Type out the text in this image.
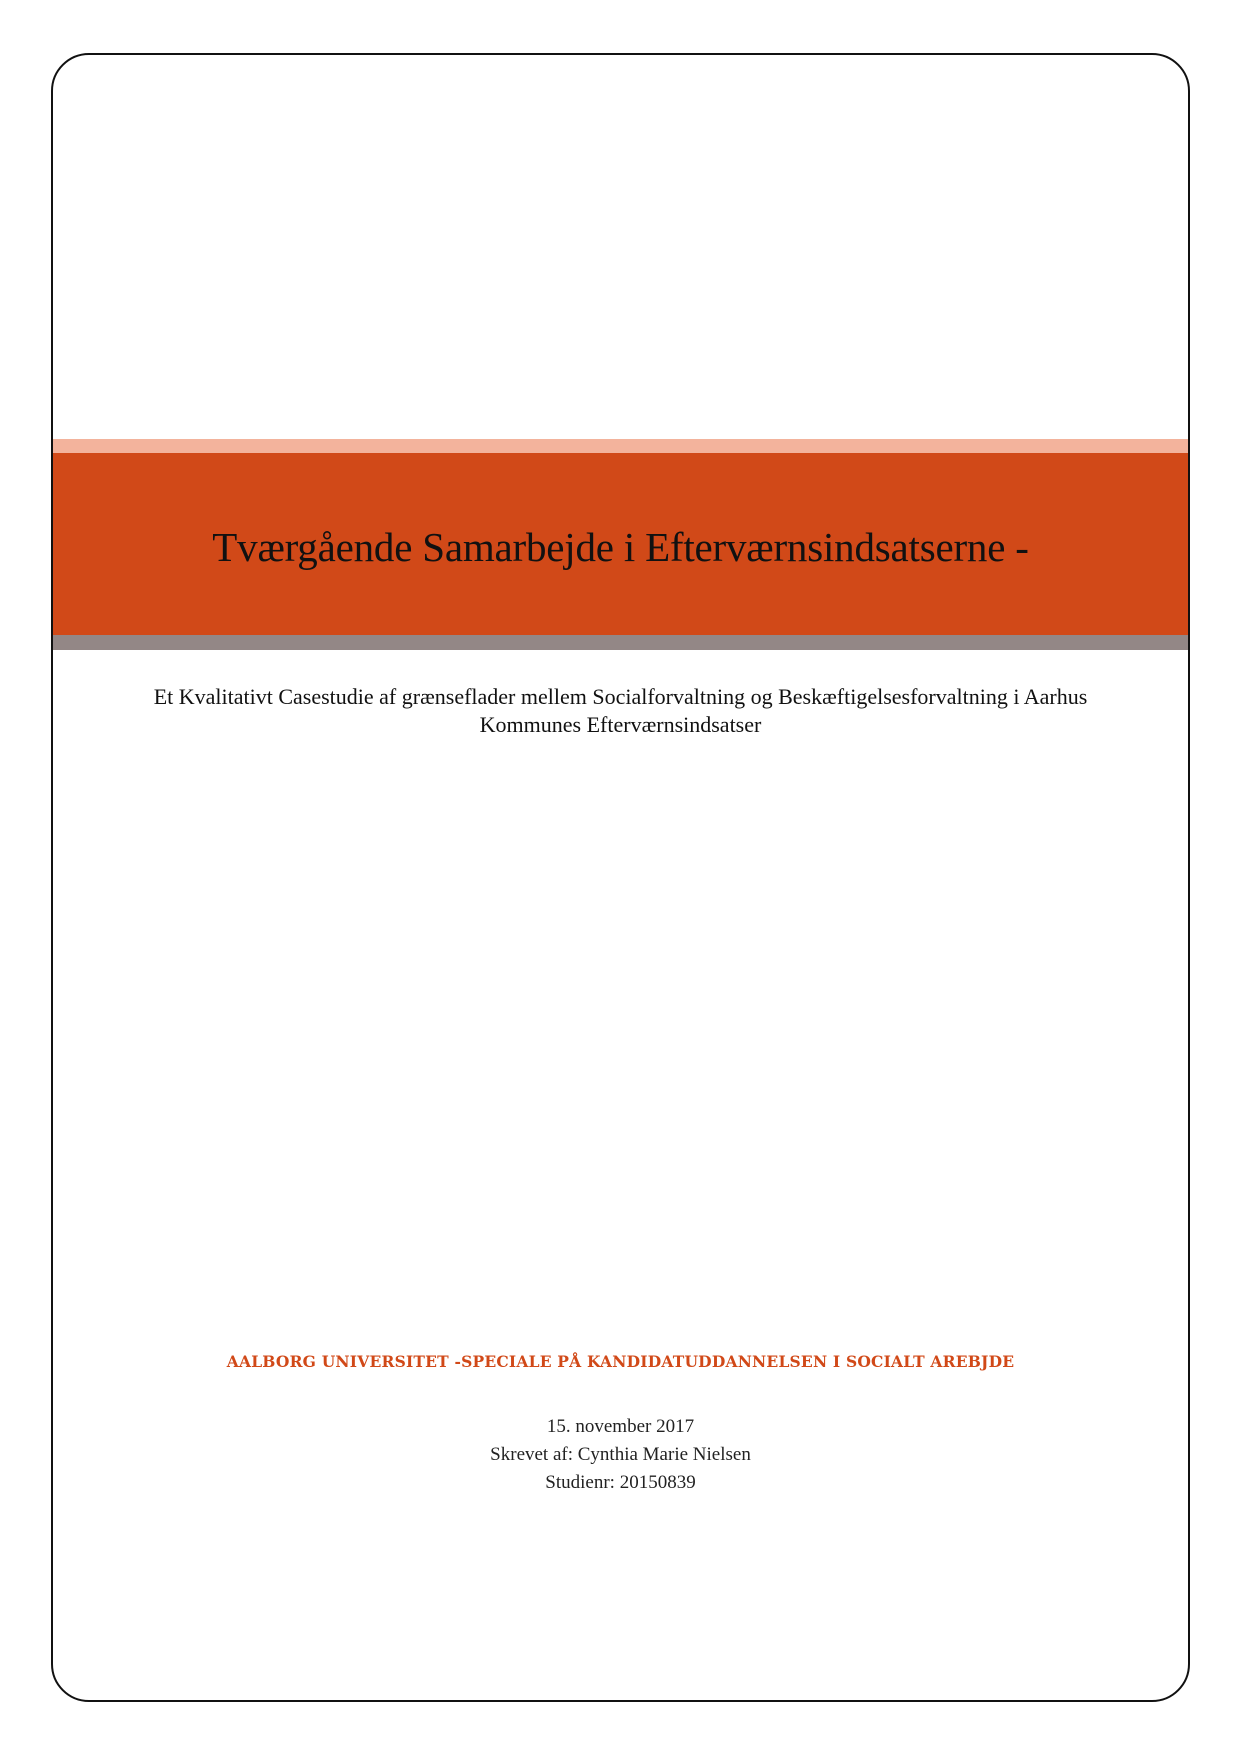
Tværgående Samarbejde i Efterværnsindsatserne -
Et Kvalitativt Casestudie af grænseflader mellem Socialforvaltning og Beskæftigelsesforvaltning i Aarhus
Kommunes Efterværnsindsatser
AALBORG UNIVERSITET -SPECIALE PÅ KANDIDATUDDANNELSEN I SOCIALT AREBJDE
15. november 2017
Skrevet af: Cynthia Marie Nielsen
Studienr: 20150839
